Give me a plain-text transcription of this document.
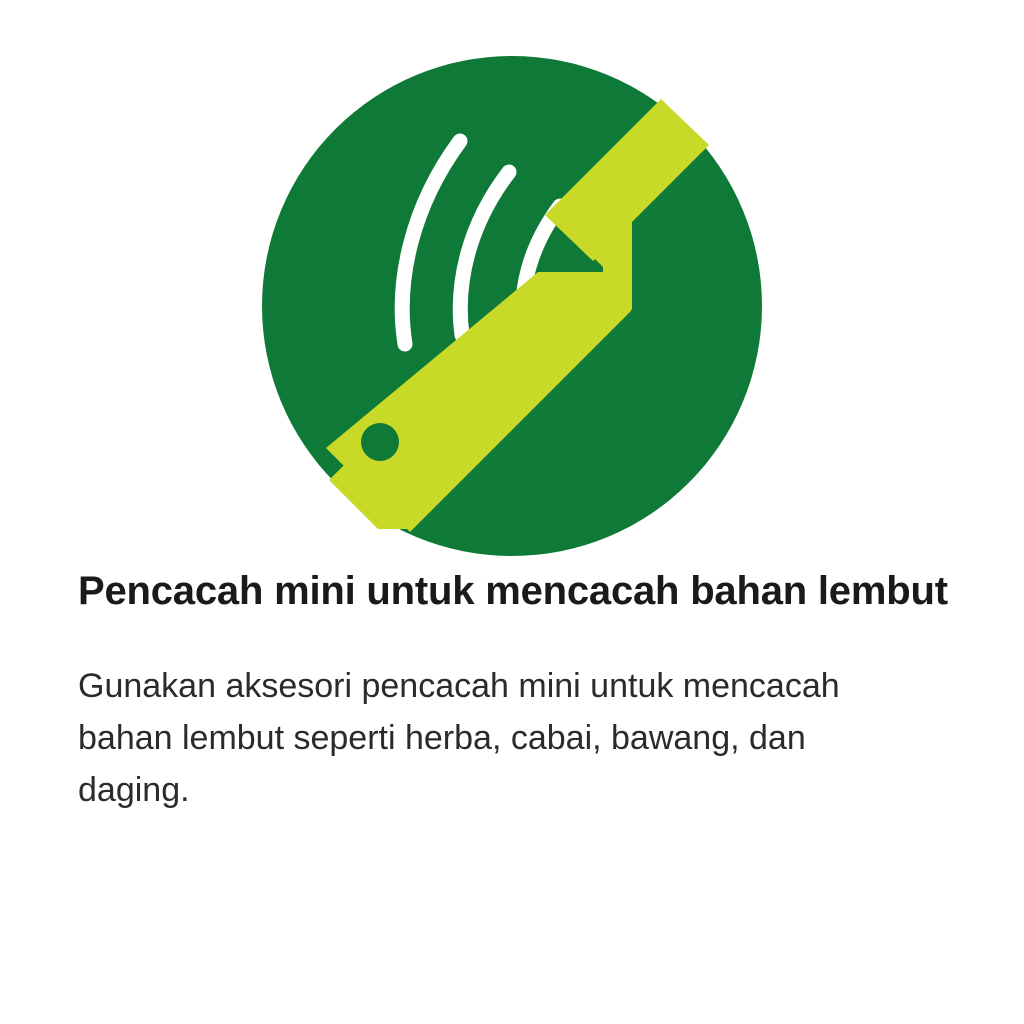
Pencacah mini untuk mencacah bahan lembut

Gunakan aksesori pencacah mini untuk mencacah bahan lembut seperti herba, cabai, bawang, dan daging.
